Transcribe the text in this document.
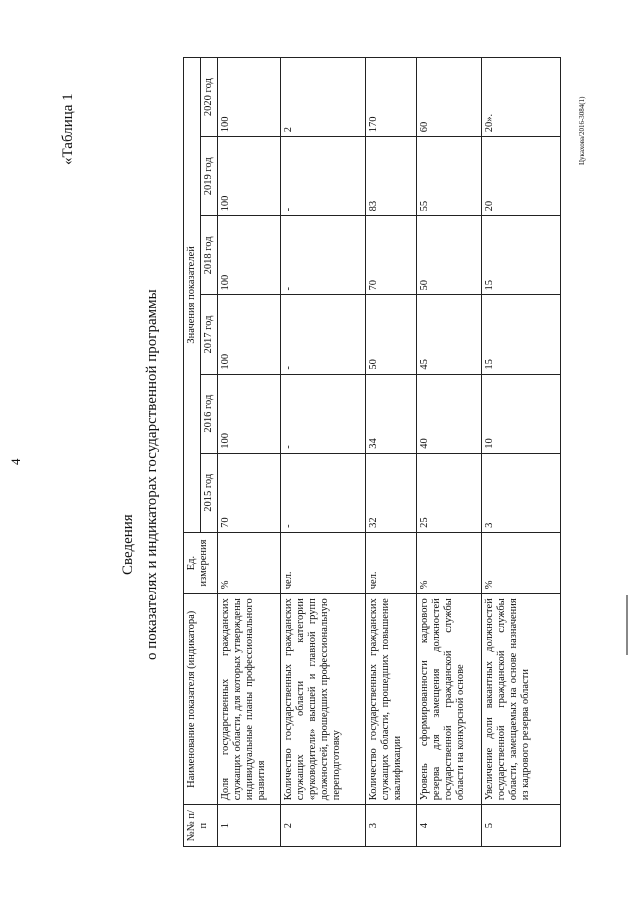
4
«Таблица 1
Сведения о показателях и индикаторах государственной программы
№№ п/п	Наименование показателя (индикатора)	Ед. измерения	Значения показателей					
			2015 год	2016 год	2017 год	2018 год	2019 год	2020 год
1	Доля государственных гражданских служащих области, для которых утверждены индивидуальные планы профессионального развития	%	70	100	100	100	100	100
2	Количество государственных гражданских служащих области категории «руководители» высшей и главной групп должностей, прошедших профессиональную переподготовку	чел.	-	-	-	-	-	2
3	Количество государственных гражданских служащих области, прошедших повышение квалификации	чел.	32	34	50	70	83	170
4	Уровень сформированности кадрового резерва для замещения должностей государственной гражданской службы области на конкурсной основе	%	25	40	45	50	55	60
5	Увеличение доли вакантных должностей государственной гражданской службы области, замещаемых на основе назначения из кадрового резерва области	%	3	10	15	15	20	20».	Цукахова/2016-3084(1)
